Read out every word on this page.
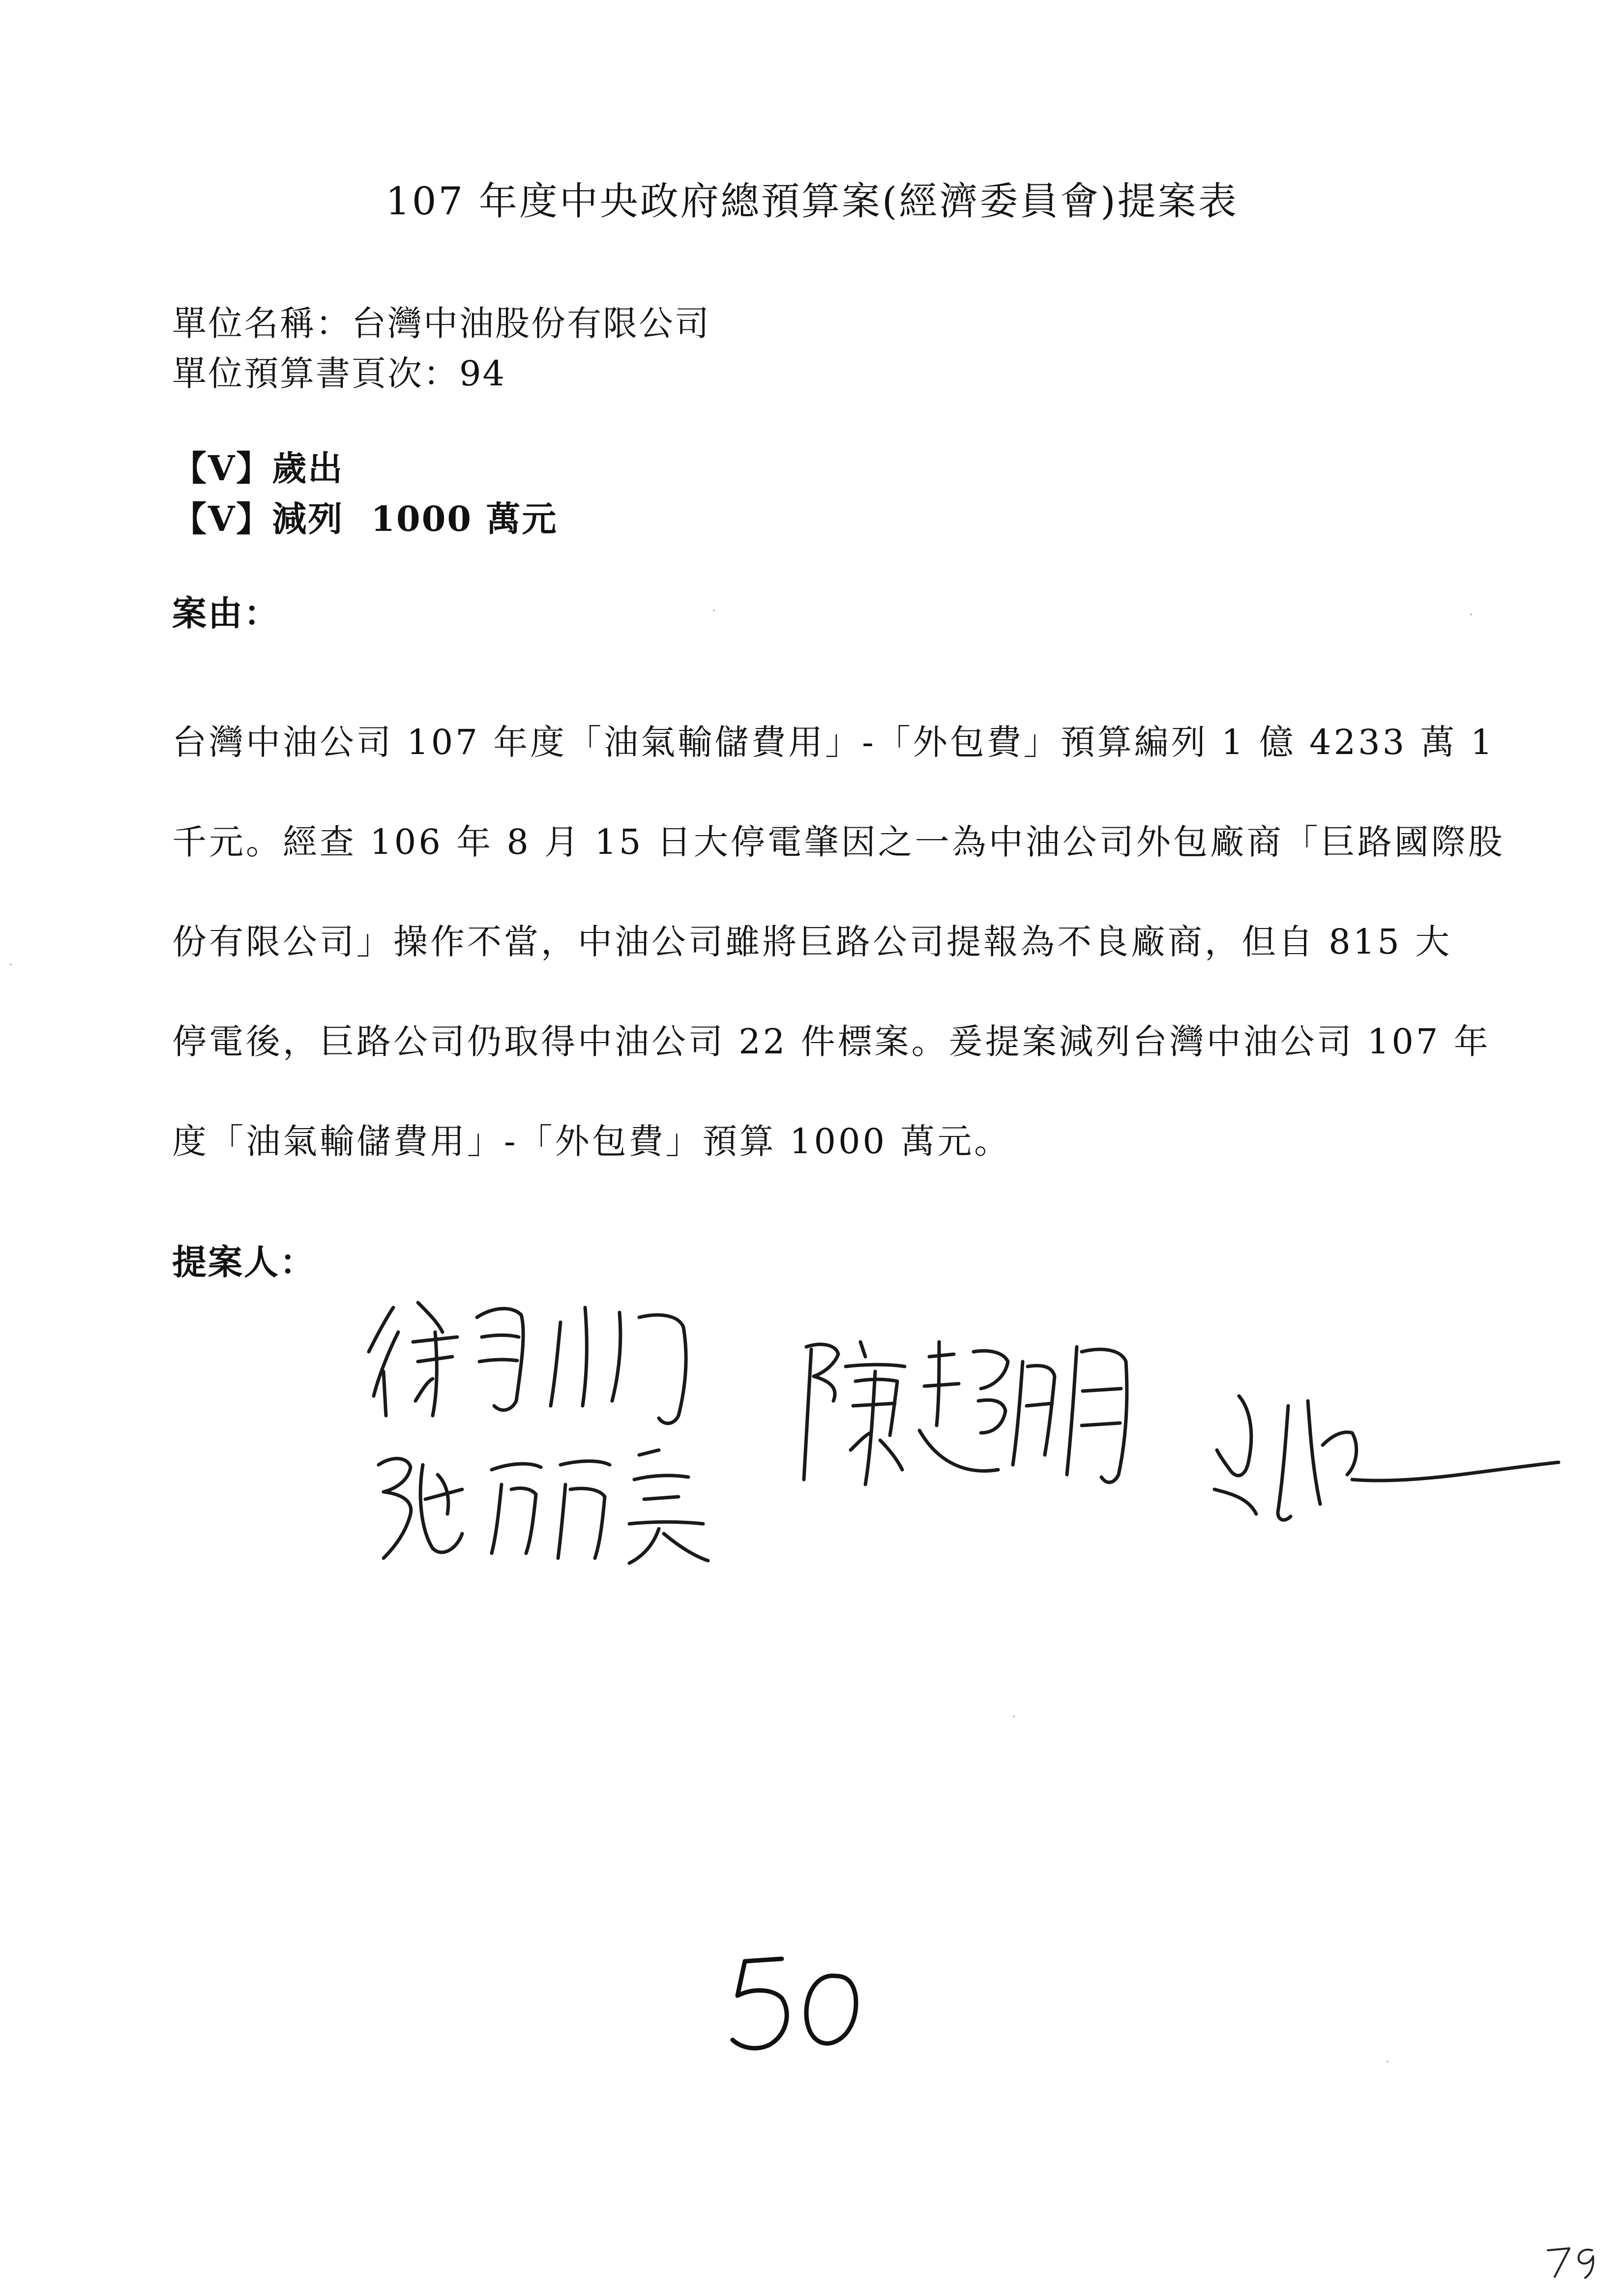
107 年度中央政府總預算案(經濟委員會)提案表
單位名稱：台灣中油股份有限公司
單位預算書頁次：94
【V】歲出
【V】減列 1000 萬元
案由：
台灣中油公司 107 年度「油氣輸儲費用」-「外包費」預算編列 1 億 4233 萬 1
千元。經查 106 年 8 月 15 日大停電肇因之一為中油公司外包廠商「巨路國際股
份有限公司」操作不當，中油公司雖將巨路公司提報為不良廠商，但自 815 大
停電後，巨路公司仍取得中油公司 22 件標案。爰提案減列台灣中油公司 107 年
度「油氣輸儲費用」-「外包費」預算 1000 萬元。
提案人：
